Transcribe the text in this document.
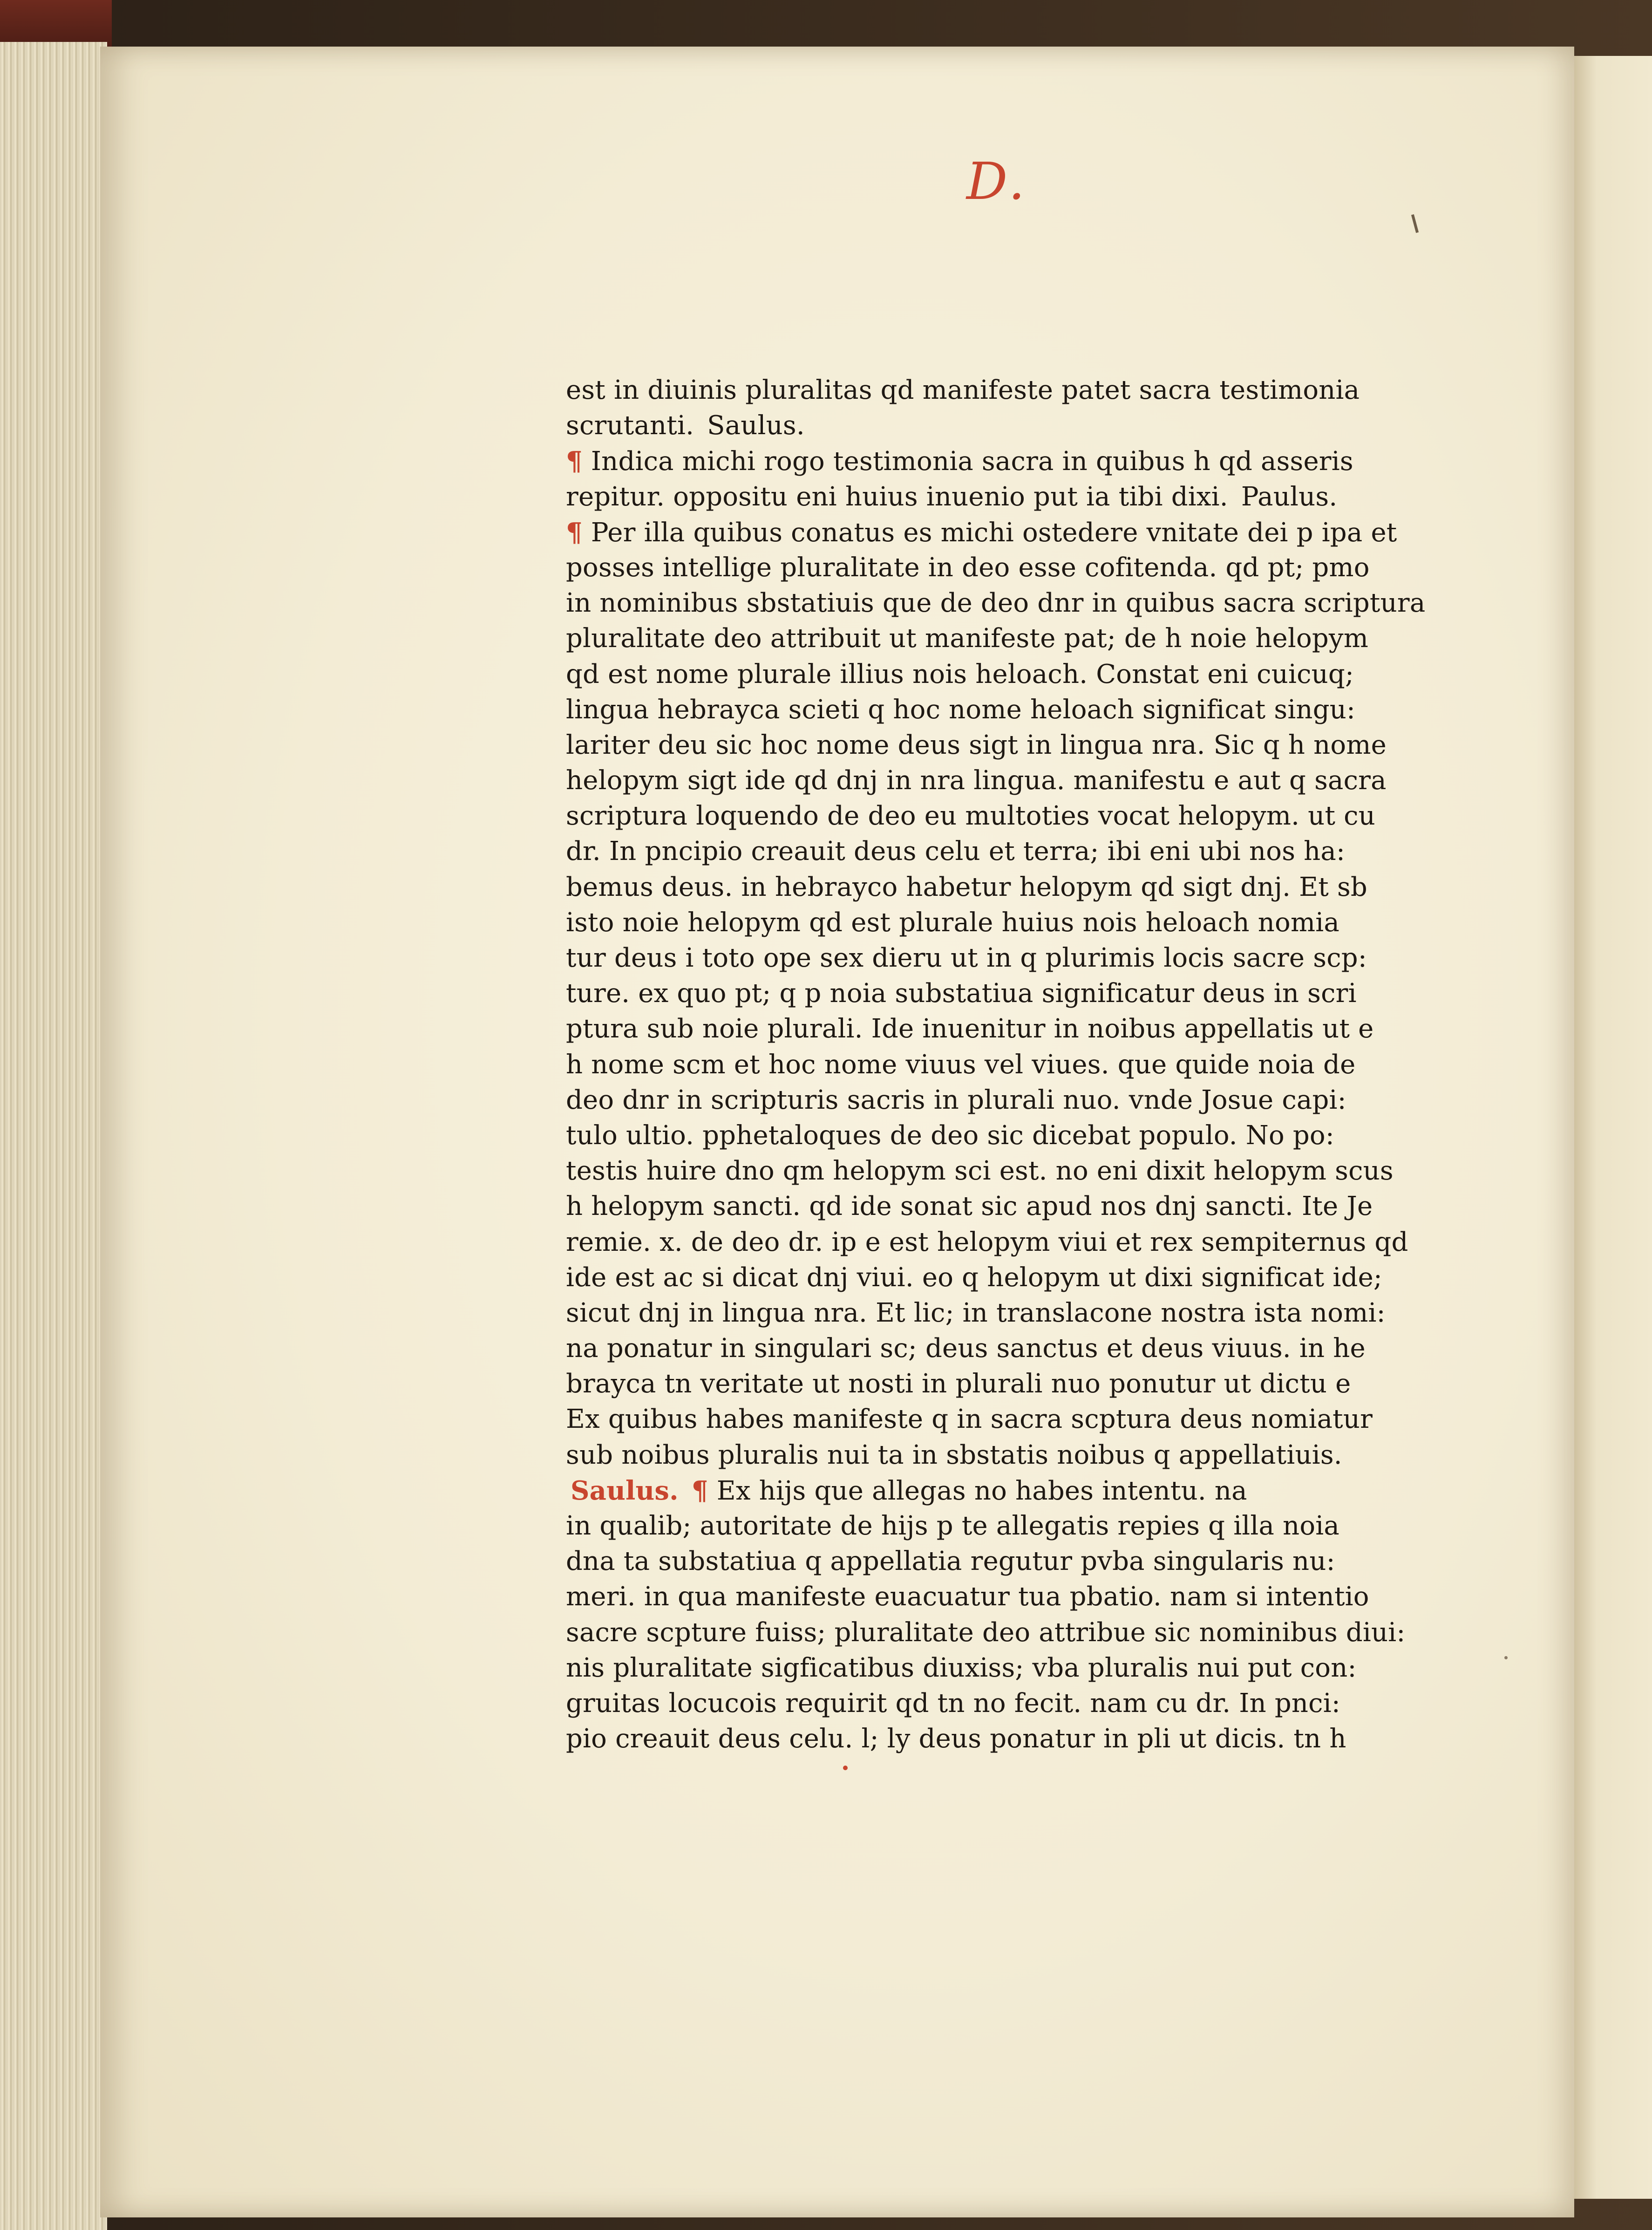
D.
est in diuinis pluralitas qd manifeste patet sacra testimonia
scrutanti. Saulus.
¶ Indica michi rogo testimonia sacra in quibus h qd asseris
repitur. oppositu eni huius inuenio put ia tibi dixi. Paulus.
¶ Per illa quibus conatus es michi ostedere vnitate dei p ipa et
posses intellige pluralitate in deo esse cofitenda. qd pt; pmo
in nominibus sbstatiuis que de deo dnr in quibus sacra scriptura
pluralitate deo attribuit ut manifeste pat; de h noie helopym
qd est nome plurale illius nois heloach. Constat eni cuicuq;
lingua hebrayca scieti q hoc nome heloach significat singu:
lariter deu sic hoc nome deus sigt in lingua nra. Sic q h nome
helopym sigt ide qd dnj in nra lingua. manifestu e aut q sacra
scriptura loquendo de deo eu multoties vocat helopym. ut cu
dr. In pncipio creauit deus celu et terra; ibi eni ubi nos ha:
bemus deus. in hebrayco habetur helopym qd sigt dnj. Et sb
isto noie helopym qd est plurale huius nois heloach nomia
tur deus i toto ope sex dieru ut in q plurimis locis sacre scp:
ture. ex quo pt; q p noia substatiua significatur deus in scri
ptura sub noie plurali. Ide inuenitur in noibus appellatis ut e
h nome scm et hoc nome viuus vel viues. que quide noia de
deo dnr in scripturis sacris in plurali nuo. vnde Josue capi:
tulo ultio. pphetaloques de deo sic dicebat populo. No po:
testis huire dno qm helopym sci est. no eni dixit helopym scus
h helopym sancti. qd ide sonat sic apud nos dnj sancti. Ite Je
remie. x. de deo dr. ip e est helopym viui et rex sempiternus qd
ide est ac si dicat dnj viui. eo q helopym ut dixi significat ide;
sicut dnj in lingua nra. Et lic; in translacone nostra ista nomi:
na ponatur in singulari sc; deus sanctus et deus viuus. in he
brayca tn veritate ut nosti in plurali nuo ponutur ut dictu e
Ex quibus habes manifeste q in sacra scptura deus nomiatur
sub noibus pluralis nui ta in sbstatis noibus q appellatiuis.
Saulus. ¶ Ex hijs que allegas no habes intentu. na
in qualib; autoritate de hijs p te allegatis repies q illa noia
dna ta substatiua q appellatia regutur pvba singularis nu:
meri. in qua manifeste euacuatur tua pbatio. nam si intentio
sacre scpture fuiss; pluralitate deo attribue sic nominibus diui:
nis pluralitate sigficatibus diuxiss; vba pluralis nui put con:
gruitas locucois requirit qd tn no fecit. nam cu dr. In pnci:
pio creauit deus celu. l; ly deus ponatur in pli ut dicis. tn h
